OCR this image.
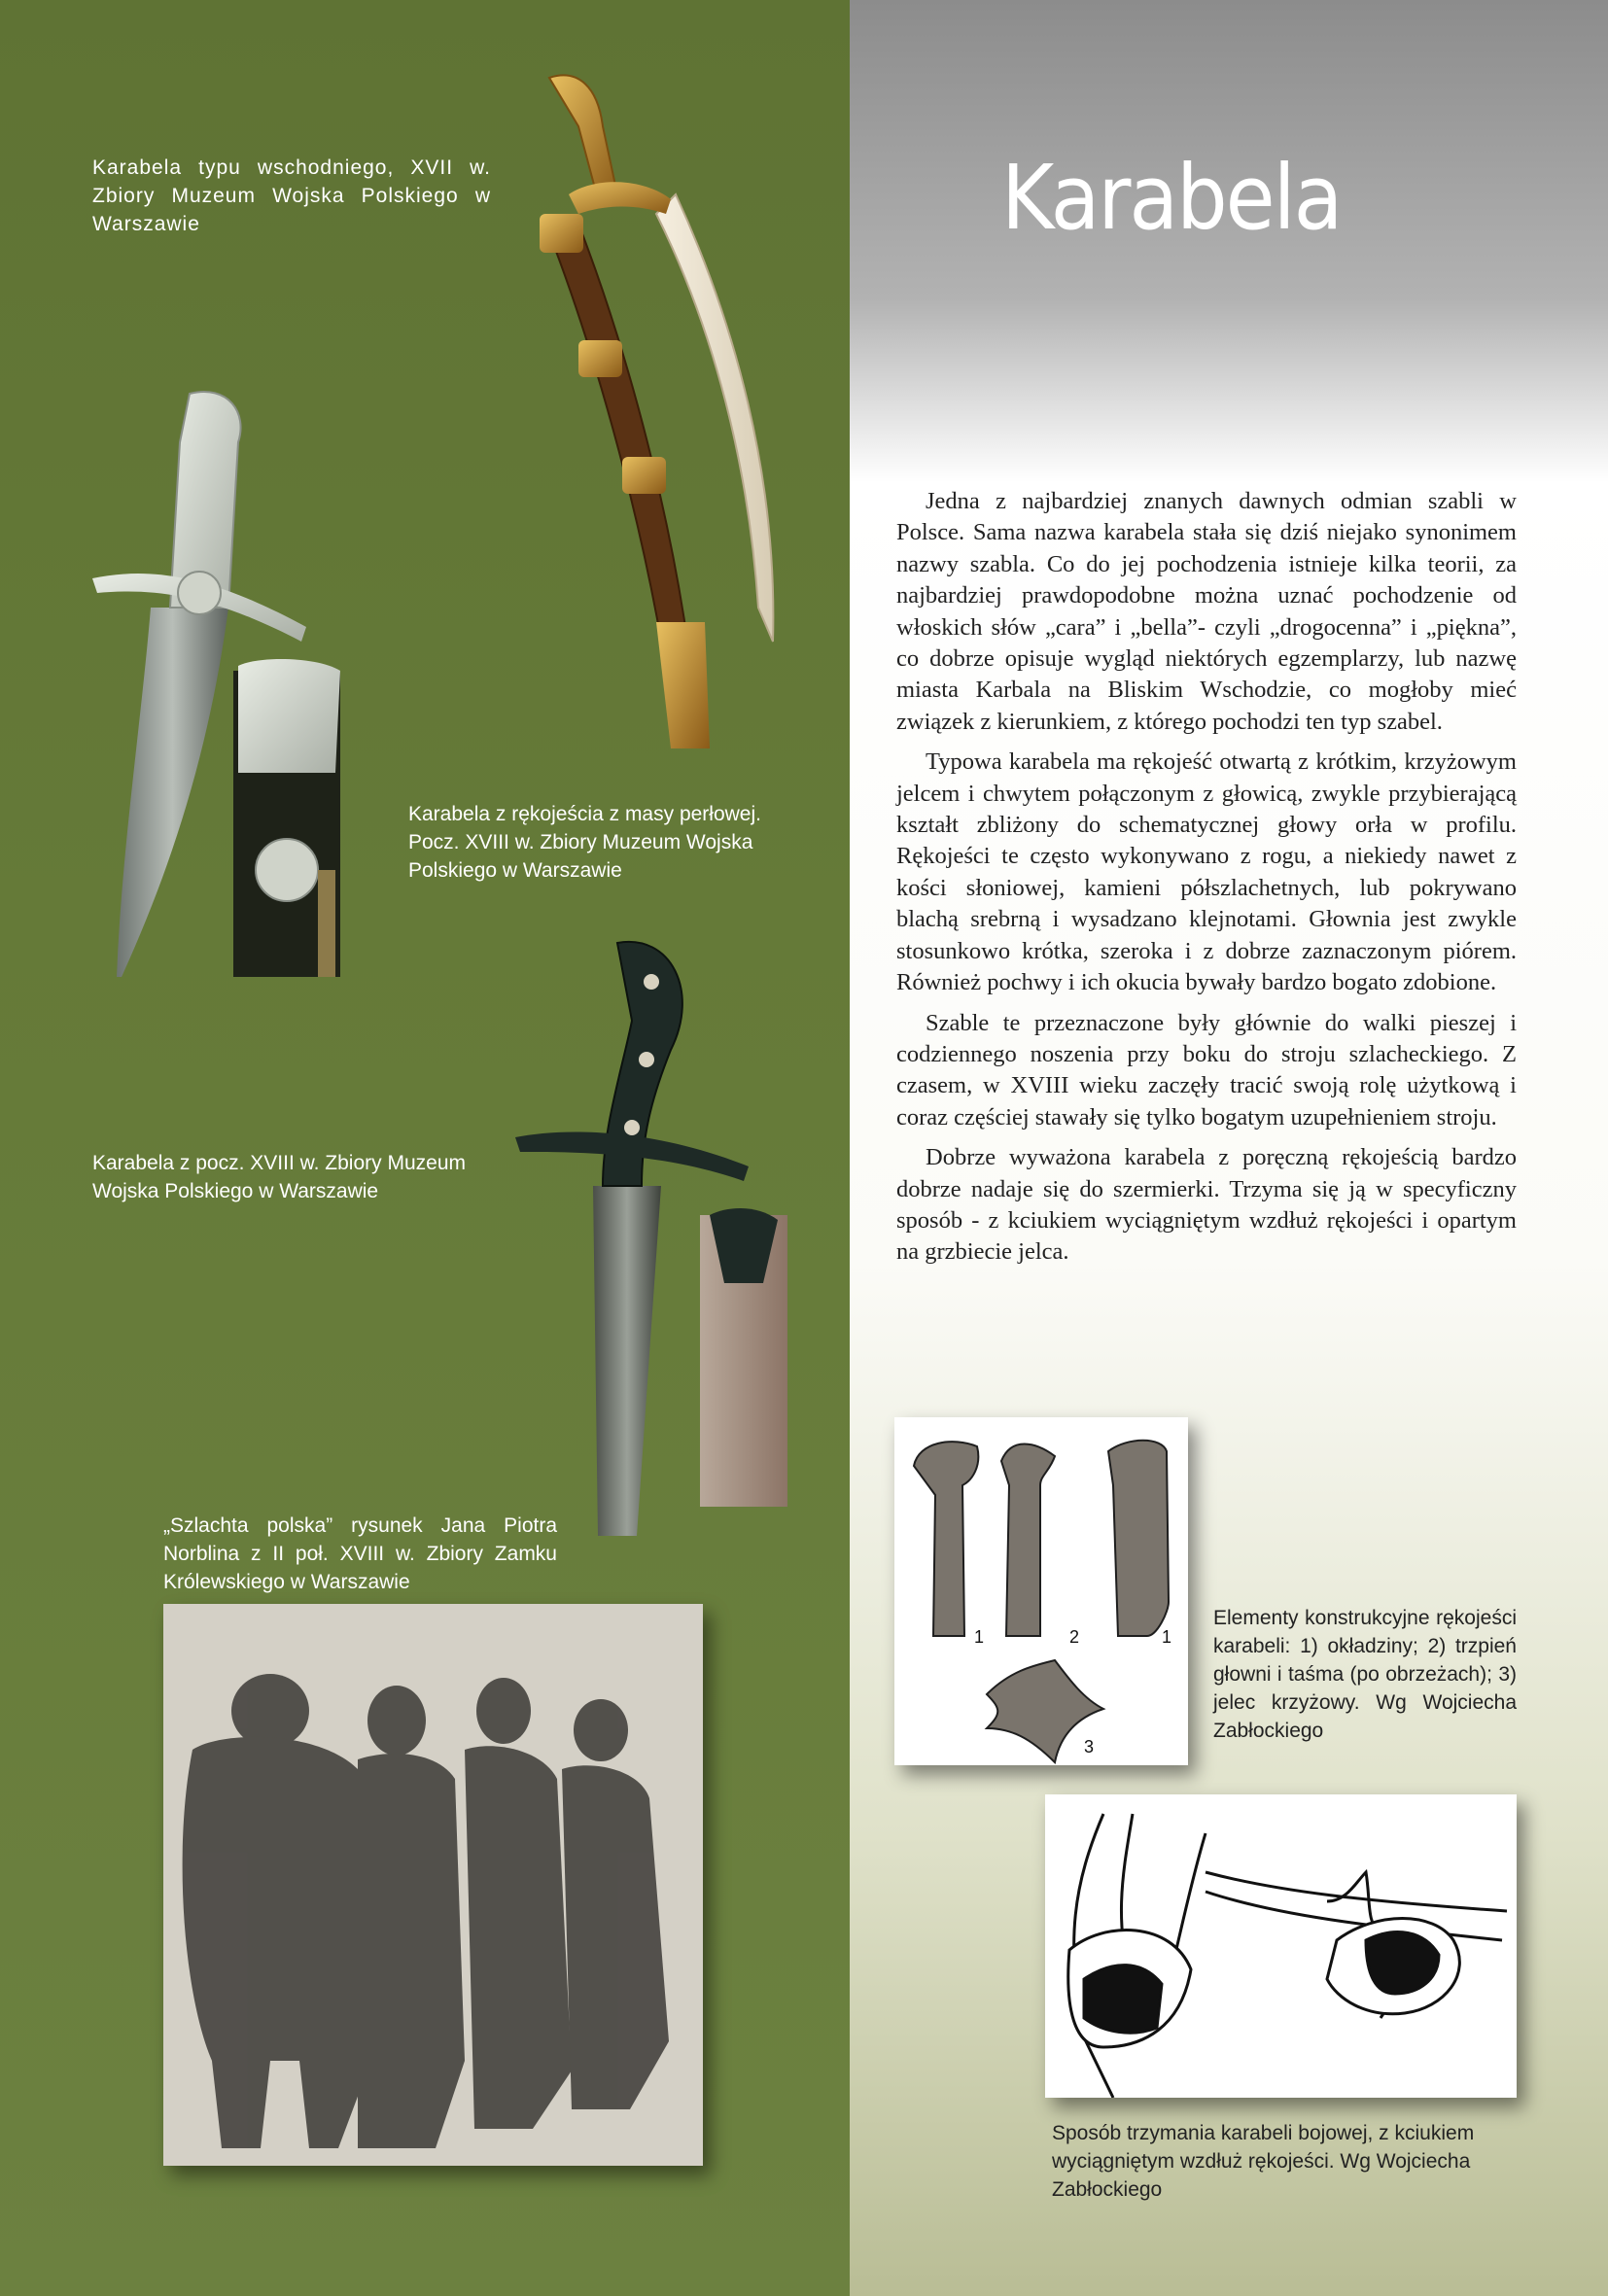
Karabela

Jedna z najbardziej znanych dawnych odmian szabli w Polsce. Sama nazwa karabela stała się dziś niejako synonimem nazwy szabla. Co do jej pochodzenia istnieje kilka teorii, za najbardziej prawdopodobne można uznać pochodzenie od włoskich słów „cara” i „bella”- czyli „drogocenna” i „piękna”, co dobrze opisuje wygląd niektórych egzemplarzy, lub nazwę miasta Karbala na Bliskim Wschodzie, co mogłoby mieć związek z kierunkiem, z którego pochodzi ten typ szabel.

Typowa karabela ma rękojeść otwartą z krótkim, krzyżowym jelcem i chwytem połączonym z głowicą, zwykle przybierającą kształt zbliżony do schematycznej głowy orła w profilu. Rękojeści te często wykonywano z rogu, a niekiedy nawet z kości słoniowej, kamieni półszlachetnych, lub pokrywano blachą srebrną i wysadzano klejnotami. Głownia jest zwykle stosunkowo krótka, szeroka i z dobrze zaznaczonym piórem. Również pochwy i ich okucia bywały bardzo bogato zdobione.

Szable te przeznaczone były głównie do walki pieszej i codziennego noszenia przy boku do stroju szlacheckiego. Z czasem, w XVIII wieku zaczęły tracić swoją rolę użytkową i coraz częściej stawały się tylko bogatym uzupełnieniem stroju.

Dobrze wyważona karabela z poręczną rękojeścią bardzo dobrze nadaje się do szermierki. Trzyma się ją w specyficzny sposób - z kciukiem wyciągniętym wzdłuż rękojeści i opartym na grzbiecie jelca.

Karabela typu wschodniego, XVII w. Zbiory Muzeum Wojska Polskiego w Warszawie
Karabela z rękojeścia z masy perłowej. Pocz. XVIII w. Zbiory Muzeum Wojska Polskiego w Warszawie
Karabela z pocz. XVIII w. Zbiory Muzeum Wojska Polskiego w Warszawie
„Szlachta polska” rysunek Jana Piotra Norblina z II poł. XVIII w. Zbiory Zamku Królewskiego w Warszawie
Elementy konstrukcyjne rękojeści karabeli: 1) okładziny; 2) trzpień głowni i taśma (po obrzeżach); 3) jelec krzyżowy. Wg Wojciecha Zabłockiego
Sposób trzymania karabeli bojowej, z kciukiem wyciągniętym wzdłuż rękojeści. Wg Wojciecha Zabłockiego
1	2	1
3
